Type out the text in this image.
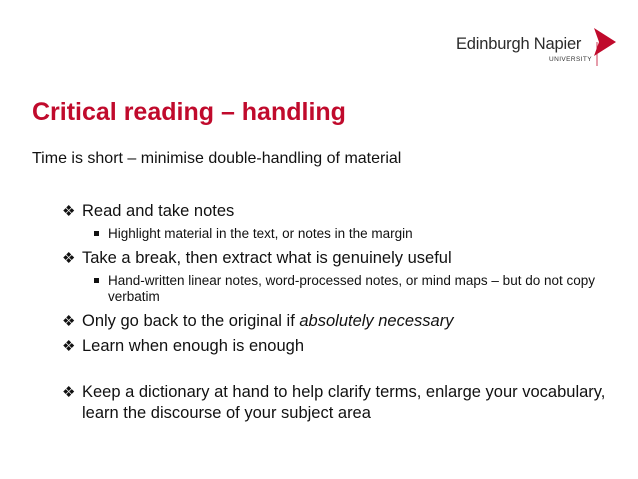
Edinburgh Napier
UNIVERSITY
Critical reading – handling
Time is short – minimise double-handling of material
❖ Read and take notes
Highlight material in the text, or notes in the margin
❖ Take a break, then extract what is genuinely useful
Hand-written linear notes, word-processed notes, or mind maps – but do not copy verbatim
❖ Only go back to the original if absolutely necessary
❖ Learn when enough is enough
❖ Keep a dictionary at hand to help clarify terms, enlarge your vocabulary, learn the discourse of your subject area
